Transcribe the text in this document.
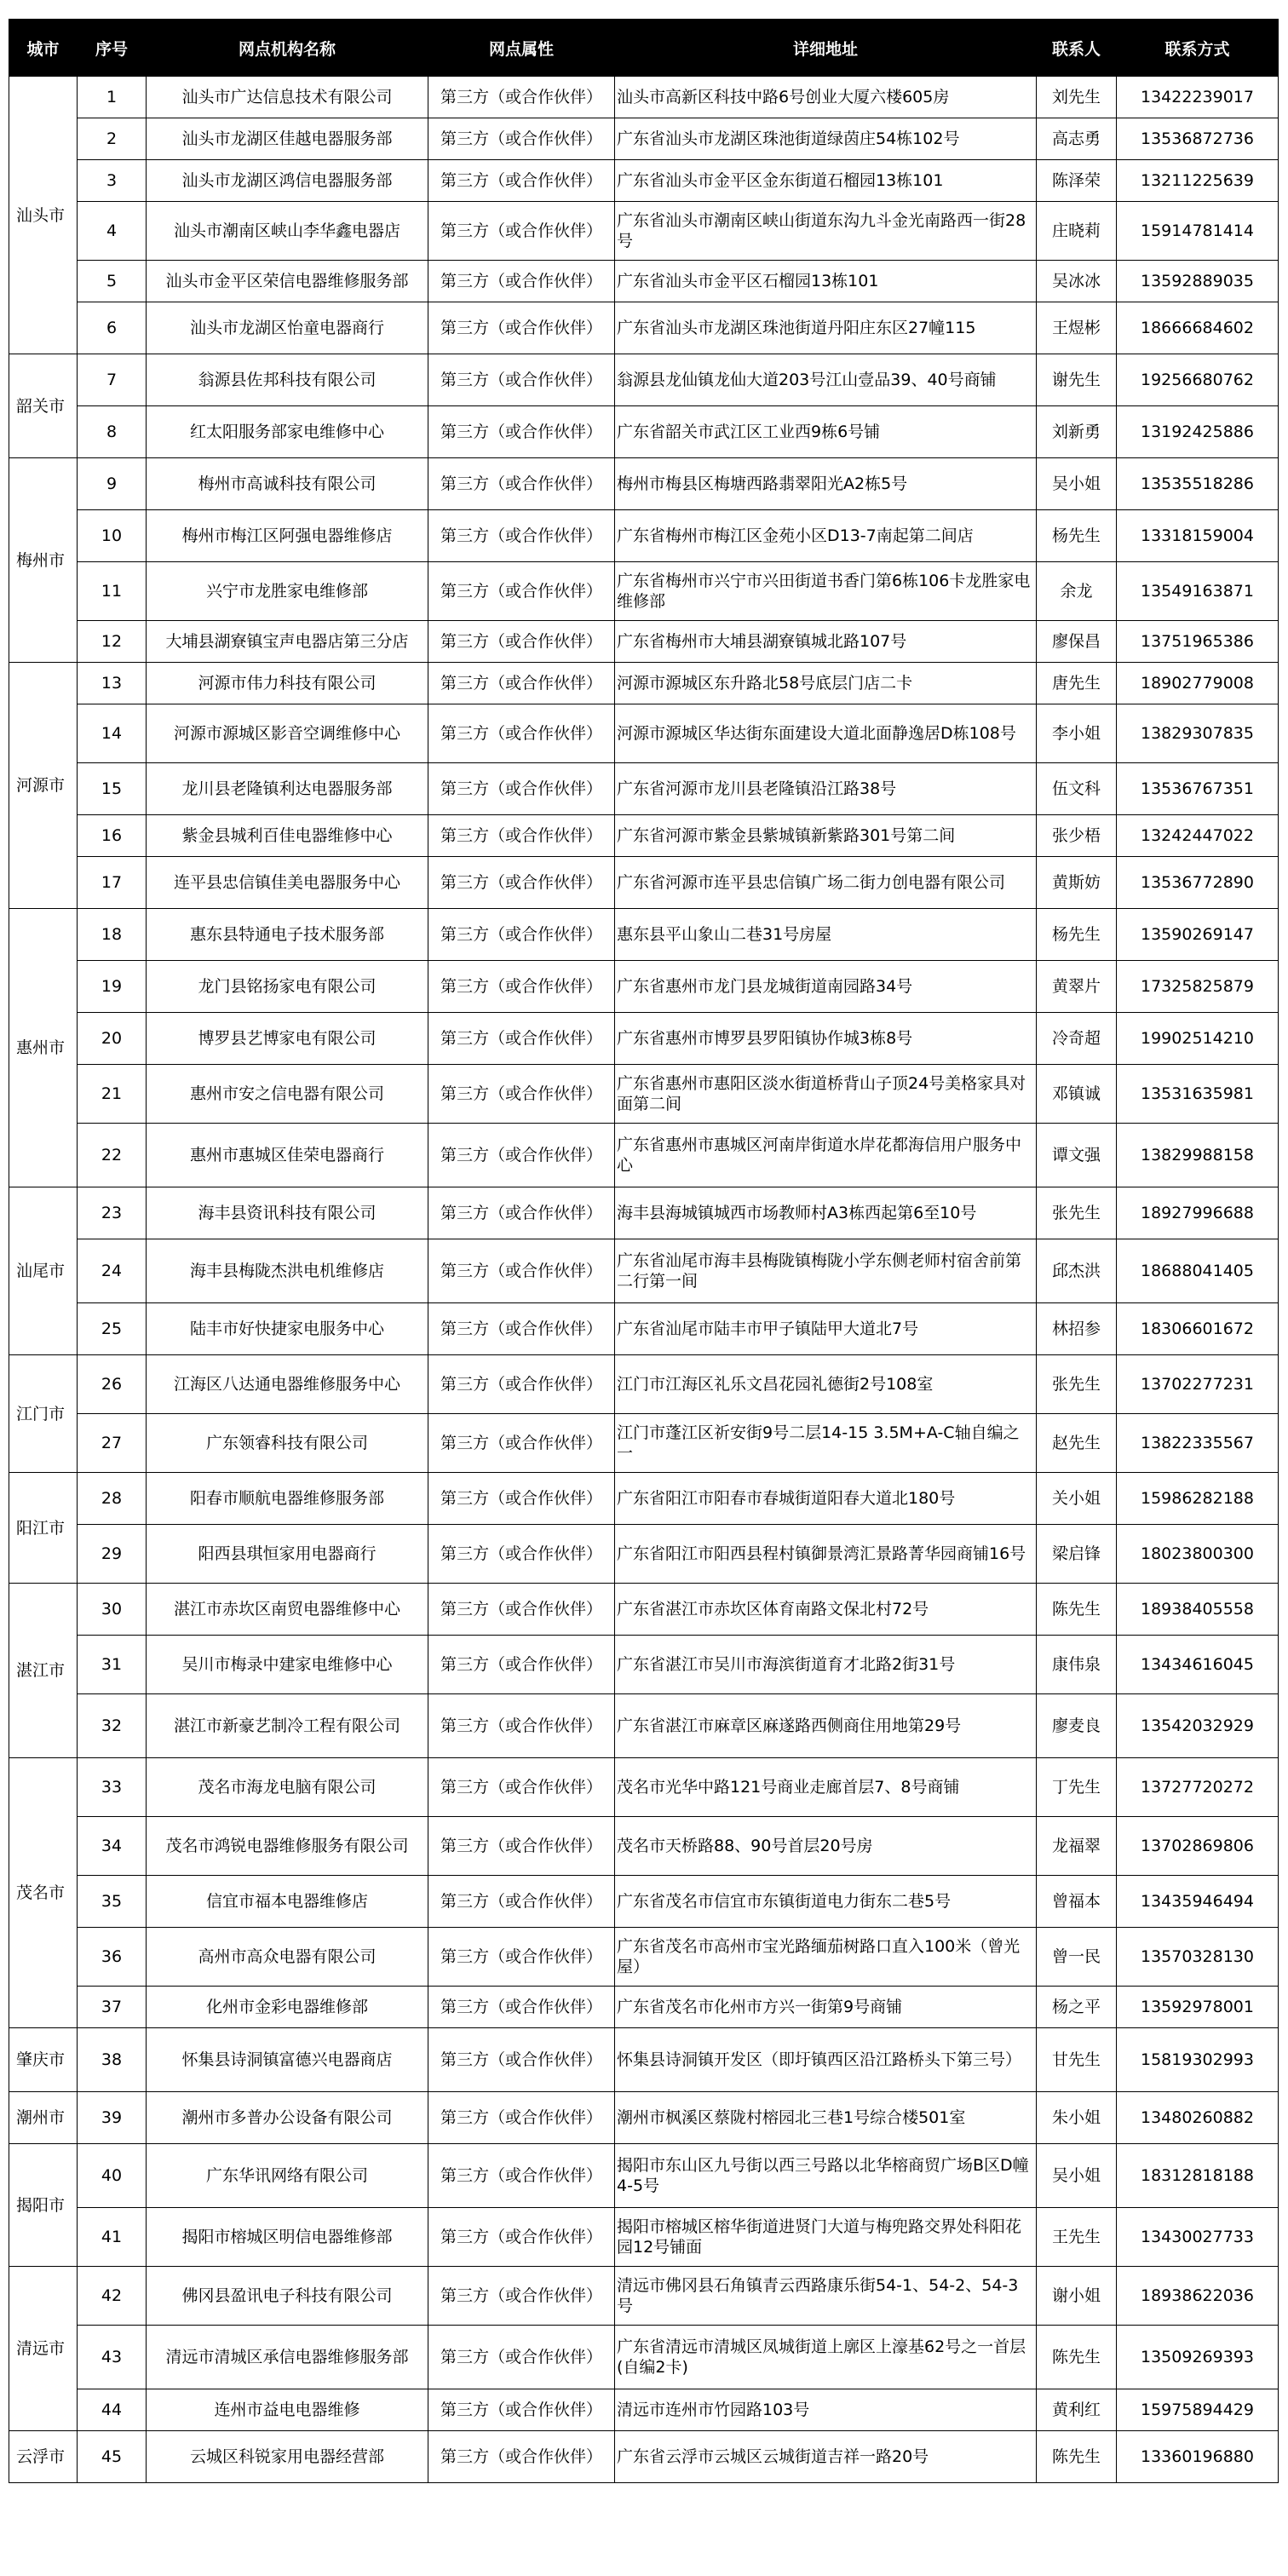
城市	序号	网点机构名称	网点属性	详细地址	联系人	联系方式
汕头市	1	汕头市广达信息技术有限公司	第三方（或合作伙伴）	汕头市高新区科技中路6号创业大厦六楼605房	刘先生	13422239017
	2	汕头市龙湖区佳越电器服务部	第三方（或合作伙伴）	广东省汕头市龙湖区珠池街道绿茵庄54栋102号	高志勇	13536872736
	3	汕头市龙湖区鸿信电器服务部	第三方（或合作伙伴）	广东省汕头市金平区金东街道石榴园13栋101	陈泽荣	13211225639
	4	汕头市潮南区峡山李华鑫电器店	第三方（或合作伙伴）	广东省汕头市潮南区峡山街道东沟九斗金光南路西一街28号	庄晓莉	15914781414
	5	汕头市金平区荣信电器维修服务部	第三方（或合作伙伴）	广东省汕头市金平区石榴园13栋101	吴冰冰	13592889035
	6	汕头市龙湖区怡童电器商行	第三方（或合作伙伴）	广东省汕头市龙湖区珠池街道丹阳庄东区27幢115	王煜彬	18666684602
韶关市	7	翁源县佐邦科技有限公司	第三方（或合作伙伴）	翁源县龙仙镇龙仙大道203号江山壹品39、40号商铺	谢先生	19256680762
	8	红太阳服务部家电维修中心	第三方（或合作伙伴）	广东省韶关市武江区工业西9栋6号铺	刘新勇	13192425886
梅州市	9	梅州市高诚科技有限公司	第三方（或合作伙伴）	梅州市梅县区梅塘西路翡翠阳光A2栋5号	吴小姐	13535518286
	10	梅州市梅江区阿强电器维修店	第三方（或合作伙伴）	广东省梅州市梅江区金苑小区D13-7南起第二间店	杨先生	13318159004
	11	兴宁市龙胜家电维修部	第三方（或合作伙伴）	广东省梅州市兴宁市兴田街道书香门第6栋106卡龙胜家电维修部	余龙	13549163871
	12	大埔县湖寮镇宝声电器店第三分店	第三方（或合作伙伴）	广东省梅州市大埔县湖寮镇城北路107号	廖保昌	13751965386
河源市	13	河源市伟力科技有限公司	第三方（或合作伙伴）	河源市源城区东升路北58号底层门店二卡	唐先生	18902779008
	14	河源市源城区影音空调维修中心	第三方（或合作伙伴）	河源市源城区华达街东面建设大道北面静逸居D栋108号	李小姐	13829307835
	15	龙川县老隆镇利达电器服务部	第三方（或合作伙伴）	广东省河源市龙川县老隆镇沿江路38号	伍文科	13536767351
	16	紫金县城利百佳电器维修中心	第三方（或合作伙伴）	广东省河源市紫金县紫城镇新紫路301号第二间	张少梧	13242447022
	17	连平县忠信镇佳美电器服务中心	第三方（或合作伙伴）	广东省河源市连平县忠信镇广场二街力创电器有限公司	黄斯妨	13536772890
惠州市	18	惠东县特通电子技术服务部	第三方（或合作伙伴）	惠东县平山象山二巷31号房屋	杨先生	13590269147
	19	龙门县铭扬家电有限公司	第三方（或合作伙伴）	广东省惠州市龙门县龙城街道南园路34号	黄翠片	17325825879
	20	博罗县艺博家电有限公司	第三方（或合作伙伴）	广东省惠州市博罗县罗阳镇协作城3栋8号	冷奇超	19902514210
	21	惠州市安之信电器有限公司	第三方（或合作伙伴）	广东省惠州市惠阳区淡水街道桥背山子顶24号美格家具对面第二间	邓镇诚	13531635981
	22	惠州市惠城区佳荣电器商行	第三方（或合作伙伴）	广东省惠州市惠城区河南岸街道水岸花都海信用户服务中心	谭文强	13829988158
汕尾市	23	海丰县资讯科技有限公司	第三方（或合作伙伴）	海丰县海城镇城西市场教师村A3栋西起第6至10号	张先生	18927996688
	24	海丰县梅陇杰洪电机维修店	第三方（或合作伙伴）	广东省汕尾市海丰县梅陇镇梅陇小学东侧老师村宿舍前第二行第一间	邱杰洪	18688041405
	25	陆丰市好快捷家电服务中心	第三方（或合作伙伴）	广东省汕尾市陆丰市甲子镇陆甲大道北7号	林招参	18306601672
江门市	26	江海区八达通电器维修服务中心	第三方（或合作伙伴）	江门市江海区礼乐文昌花园礼德街2号108室	张先生	13702277231
	27	广东领睿科技有限公司	第三方（或合作伙伴）	江门市蓬江区祈安街9号二层14-15 3.5M+A-C轴自编之一	赵先生	13822335567
阳江市	28	阳春市顺航电器维修服务部	第三方（或合作伙伴）	广东省阳江市阳春市春城街道阳春大道北180号	关小姐	15986282188
	29	阳西县琪恒家用电器商行	第三方（或合作伙伴）	广东省阳江市阳西县程村镇御景湾汇景路菁华园商铺16号	梁启锋	18023800300
湛江市	30	湛江市赤坎区南贸电器维修中心	第三方（或合作伙伴）	广东省湛江市赤坎区体育南路文保北村72号	陈先生	18938405558
	31	吴川市梅录中建家电维修中心	第三方（或合作伙伴）	广东省湛江市吴川市海滨街道育才北路2街31号	康伟泉	13434616045
	32	湛江市新豪艺制冷工程有限公司	第三方（或合作伙伴）	广东省湛江市麻章区麻遂路西侧商住用地第29号	廖麦良	13542032929
茂名市	33	茂名市海龙电脑有限公司	第三方（或合作伙伴）	茂名市光华中路121号商业走廊首层7、8号商铺	丁先生	13727720272
	34	茂名市鸿锐电器维修服务有限公司	第三方（或合作伙伴）	茂名市天桥路88、90号首层20号房	龙福翠	13702869806
	35	信宜市福本电器维修店	第三方（或合作伙伴）	广东省茂名市信宜市东镇街道电力街东二巷5号	曾福本	13435946494
	36	高州市高众电器有限公司	第三方（或合作伙伴）	广东省茂名市高州市宝光路缅茄树路口直入100米（曾光屋）	曾一民	13570328130
	37	化州市金彩电器维修部	第三方（或合作伙伴）	广东省茂名市化州市方兴一街第9号商铺	杨之平	13592978001
肇庆市	38	怀集县诗洞镇富德兴电器商店	第三方（或合作伙伴）	怀集县诗洞镇开发区（即圩镇西区沿江路桥头下第三号）	甘先生	15819302993
潮州市	39	潮州市多普办公设备有限公司	第三方（或合作伙伴）	潮州市枫溪区蔡陇村榕园北三巷1号综合楼501室	朱小姐	13480260882
揭阳市	40	广东华讯网络有限公司	第三方（或合作伙伴）	揭阳市东山区九号街以西三号路以北华榕商贸广场B区D幢4-5号	吴小姐	18312818188
	41	揭阳市榕城区明信电器维修部	第三方（或合作伙伴）	揭阳市榕城区榕华街道进贤门大道与梅兜路交界处科阳花园12号铺面	王先生	13430027733
清远市	42	佛冈县盈讯电子科技有限公司	第三方（或合作伙伴）	清远市佛冈县石角镇青云西路康乐街54-1、54-2、54-3号	谢小姐	18938622036
	43	清远市清城区承信电器维修服务部	第三方（或合作伙伴）	广东省清远市清城区凤城街道上廓区上濠基62号之一首层(自编2卡)	陈先生	13509269393
	44	连州市益电电器维修	第三方（或合作伙伴）	清远市连州市竹园路103号	黄利红	15975894429
云浮市	45	云城区科锐家用电器经营部	第三方（或合作伙伴）	广东省云浮市云城区云城街道吉祥一路20号	陈先生	13360196880
